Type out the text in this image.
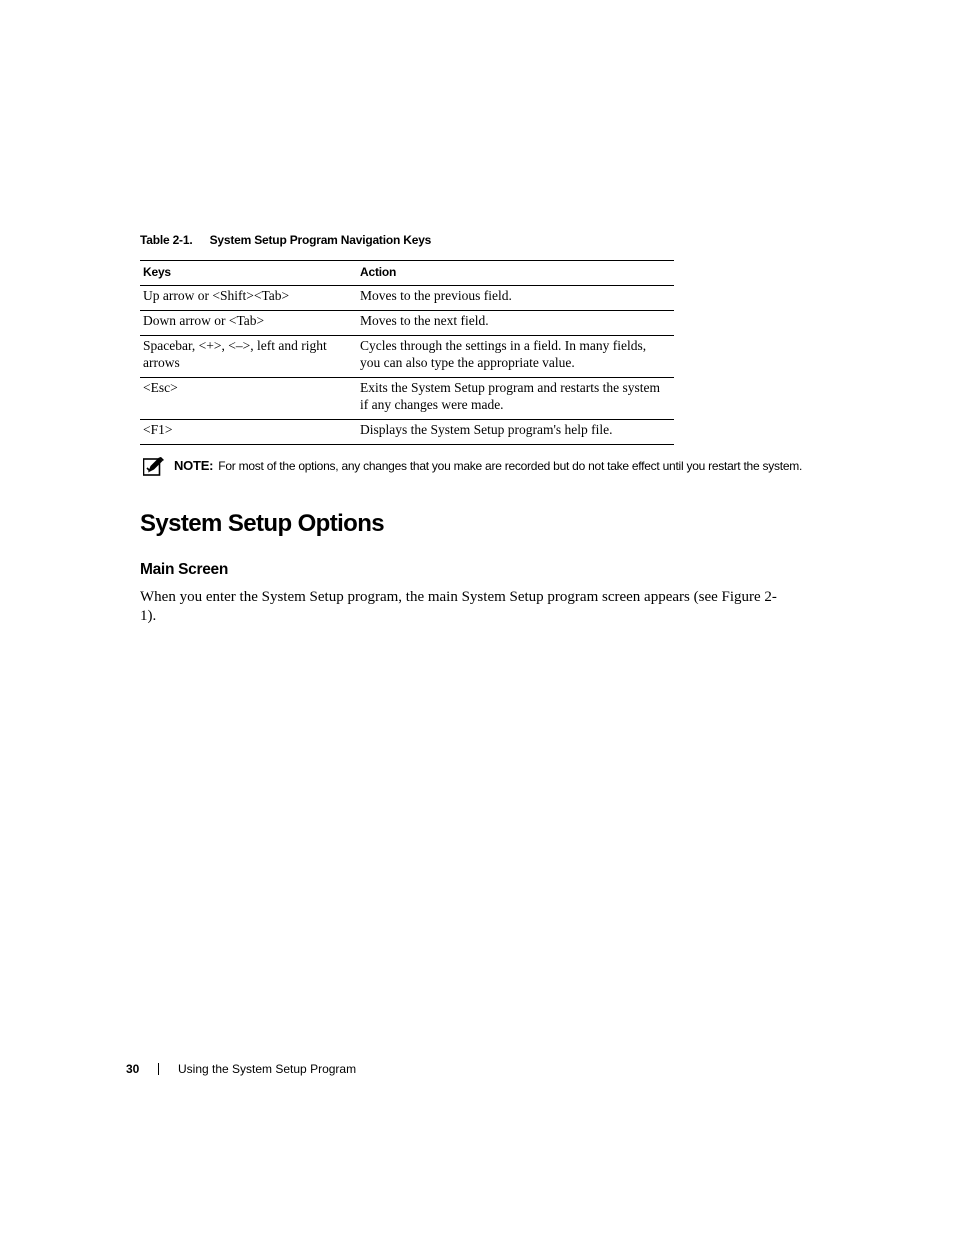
Table 2-1. System Setup Program Navigation Keys
Keys	Action
Up arrow or <Shift><Tab>	Moves to the previous field.
Down arrow or <Tab>	Moves to the next field.
Spacebar, <+>, <–>, left and right arrows	Cycles through the settings in a field. In many fields, you can also type the appropriate value.
<Esc>	Exits the System Setup program and restarts the system if any changes were made.
<F1>	Displays the System Setup program's help file.
NOTE: For most of the options, any changes that you make are recorded but do not take effect until you restart the system.
System Setup Options
Main Screen

When you enter the System Setup program, the main System Setup program screen appears (see Figure 2-1).

30	Using the System Setup Program
